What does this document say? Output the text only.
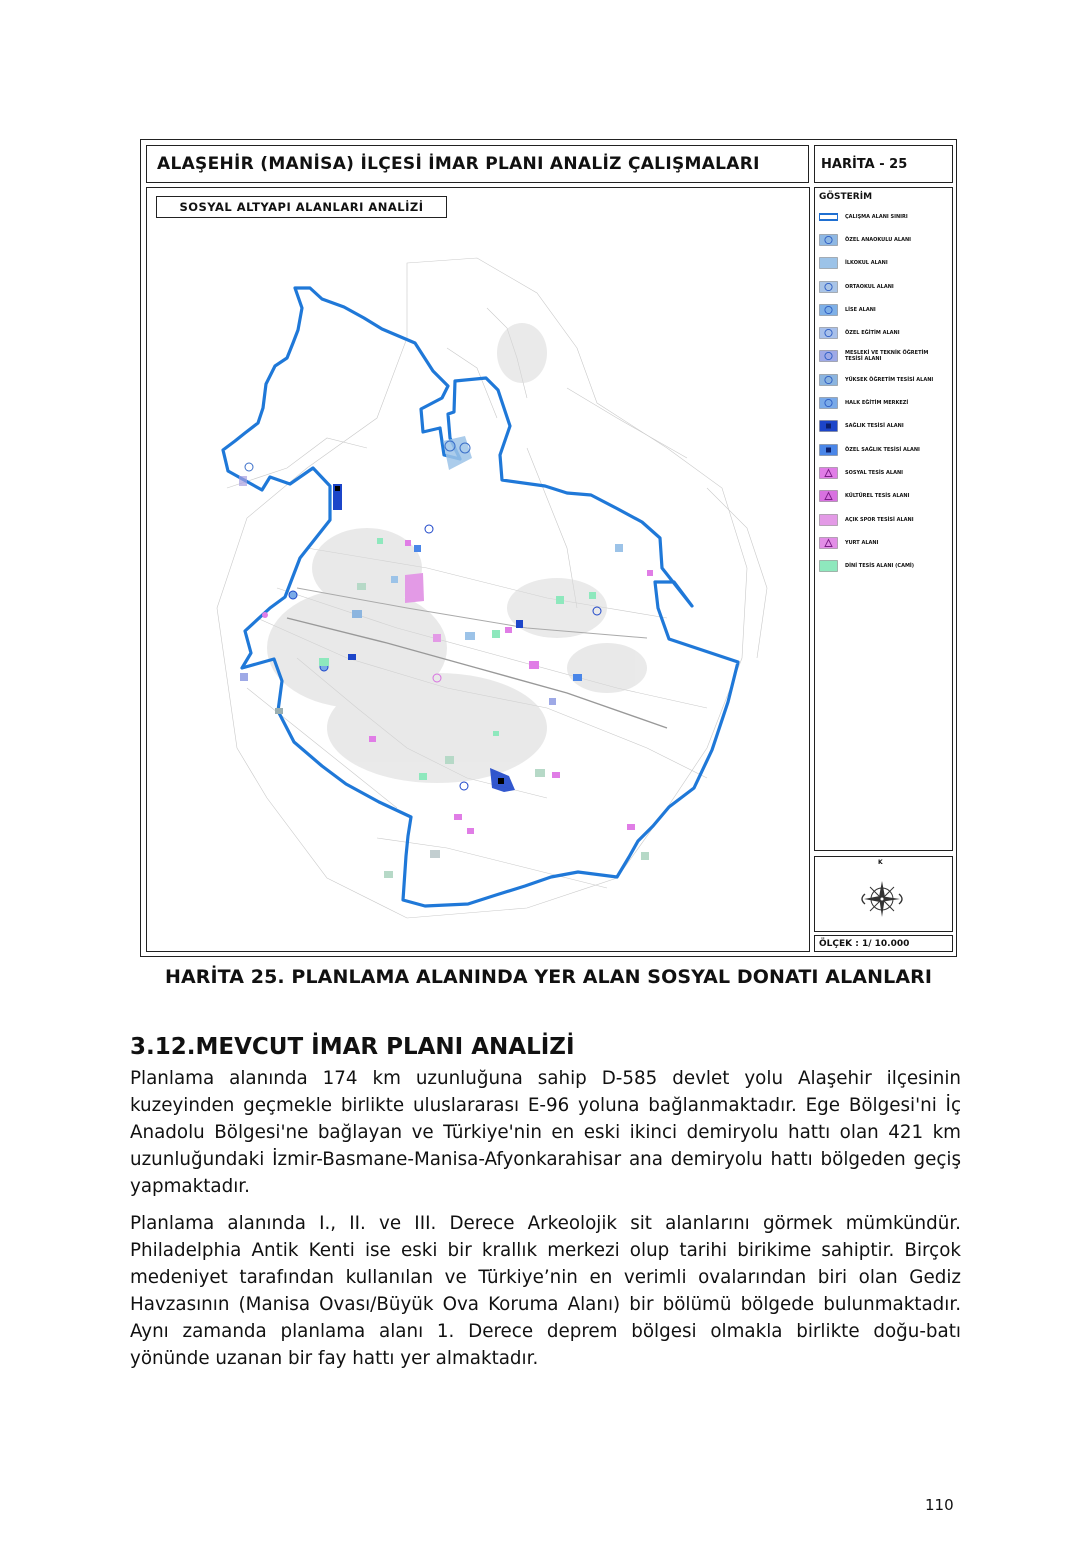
ALAŞEHİR (MANİSA) İLÇESİ İMAR PLANI ANALİZ ÇALIŞMALARI	HARİTA - 25
SOSYAL ALTYAPI ALANLARI ANALİZİ
GÖSTERİM
ÇALIŞMA ALANI SINIRI
ÖZEL ANAOKULU ALANI
İLKOKUL ALANI
ORTAOKUL ALANI
LİSE ALANI
ÖZEL EĞİTİM ALANI
MESLEKİ VE TEKNİK ÖĞRETİM TESİSİ ALANI
YÜKSEK ÖĞRETİM TESİSİ ALANI
HALK EĞİTİM MERKEZİ
SAĞLIK TESİSİ ALANI
ÖZEL SAĞLIK TESİSİ ALANI
SOSYAL TESİS ALANI
KÜLTÜREL TESİS ALANI
AÇIK SPOR TESİSİ ALANI
YURT ALANI
DİNİ TESİS ALANI (CAMİ)
K
ÖLÇEK : 1/ 10.000
HARİTA 25. PLANLAMA ALANINDA YER ALAN SOSYAL DONATI ALANLARI
3.12.MEVCUT İMAR PLANI ANALİZİ

Planlama alanında 174 km uzunluğuna sahip D-585 devlet yolu Alaşehir ilçesinin kuzeyinden geçmekle birlikte uluslararası E-96 yoluna bağlanmaktadır. Ege Bölgesi'ni İç Anadolu Bölgesi'ne bağlayan ve Türkiye'nin en eski ikinci demiryolu hattı olan 421 km uzunluğundaki İzmir-Basmane-Manisa-Afyonkarahisar ana demiryolu hattı bölgeden geçiş yapmaktadır.

Planlama alanında I., II. ve III. Derece Arkeolojik sit alanlarını görmek mümkündür. Philadelphia Antik Kenti ise eski bir krallık merkezi olup tarihi birikime sahiptir. Birçok medeniyet tarafından kullanılan ve Türkiye’nin en verimli ovalarından biri olan Gediz Havzasının (Manisa Ovası/Büyük Ova Koruma Alanı) bir bölümü bölgede bulunmaktadır. Aynı zamanda planlama alanı 1. Derece deprem bölgesi olmakla birlikte doğu-batı yönünde uzanan bir fay hattı yer almaktadır.

110
